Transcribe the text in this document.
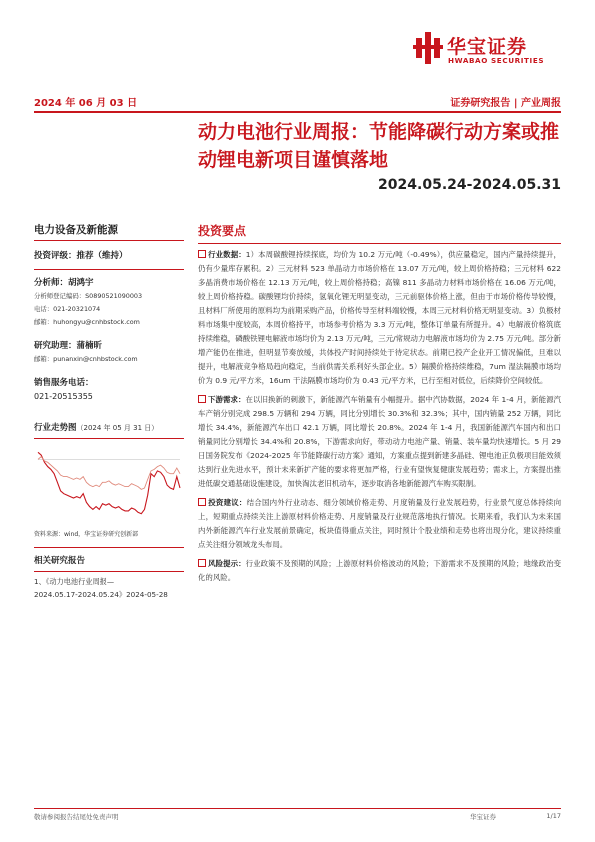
华宝证券
HWABAO SECURITIES
2024 年 06 月 03 日	证券研究报告 | 产业周报
动力电池行业周报：节能降碳行动方案或推动锂电新项目谨慎落地
2024.05.24-2024.05.31
电力设备及新能源
投资评级：推荐（维持）
分析师：胡鸿宇
分析师登记编码：S0890521090003
电话：021-20321074
邮箱：huhongyu@cnhbstock.com
研究助理：蒲楠昕
邮箱：punanxin@cnhbstock.com
销售服务电话：
021-20515355
行业走势图（2024 年 05 月 31 日）
资料来源：wind，华宝证券研究创新部
相关研究报告
1、《动力电池行业周报—
2024.05.17-2024.05.24》2024-05-28
投资要点

行业数据：1）本周碳酸锂持续探底，均价为 10.2 万元/吨（-0.49%），供应量稳定，国内产量持续提升，仍有少量库存累积。2）三元材料 523 单晶动力市场价格在 13.07 万元/吨，较上周价格持稳；三元材料 622 多晶消费市场价格在 12.13 万元/吨，较上周价格持稳；高镍 811 多晶动力材料市场价格在 16.06 万元/吨，较上周价格持稳。碳酸锂均价持续，氢氧化锂无明显变动，三元前驱体价格上涨，但由于市场价格传导较慢，且材料厂所使用的原料均为前期采购产品，价格传导至材料端较慢，本周三元材料价格无明显变动。3）负极材料市场集中度较高，本周价格持平，市场参考价格为 3.3 万元/吨，整体订单量有所提升。4）电解液价格筑底持续维稳，磷酸铁锂电解液市场均价为 2.13 万元/吨，三元/常规动力电解液市场均价为 2.75 万元/吨。部分新增产能仍在推进，但明显节奏放缓，共体投产时间持续处于待定状态。前期已投产企业开工情况偏低，旦难以提升，电解液竞争格局趋向稳定，当前供需关系利好头部企业。5）隔膜价格持续维稳，7um 湿法隔膜市场均价为 0.9 元/平方米，16um 干法隔膜市场均价为 0.43 元/平方米，已行至相对低位，后续降价空间较低。

下游需求：在以旧换新的刺激下，新能源汽车销量有小幅提升。据中汽协数据，2024 年 1-4 月，新能源汽车产销分别完成 298.5 万辆和 294 万辆，同比分别增长 30.3%和 32.3%；其中，国内销量 252 万辆，同比增长 34.4%，新能源汽车出口 42.1 万辆，同比增长 20.8%。2024 年 1-4 月，我国新能源汽车国内和出口销量同比分别增长 34.4%和 20.8%，下游需求向好，带动动力电池产量、销量、装车量均快速增长。5 月 29 日国务院发布《2024-2025 年节能降碳行动方案》通知，方案重点提到新建多晶硅、锂电池正负极项目能效须达到行业先进水平，预计未来新扩产能的要求将更加严格，行业有望恢复健康发展趋势；需求上，方案提出推进低碳交通基础设施建设，加快淘汰老旧机动车，逐步取消各地新能源汽车购买限制。

投资建议：结合国内外行业动态、细分领域价格走势、月度销量及行业发展趋势，行业景气度总体持续向上，短期重点持续关注上游原材料价格走势、月度销量及行业规范落地执行情况。长期来看，我们认为未来国内外新能源汽车行业发展前景确定，板块值得重点关注，同时预计个股业绩和走势也将出现分化，建议持续重点关注细分领域龙头布局。

风险提示：行业政策不及预期的风险；上游原材料价格波动的风险；下游需求不及预期的风险；地缘政治变化的风险。

敬请参阅报告结尾处免责声明	华宝证券	1/17
